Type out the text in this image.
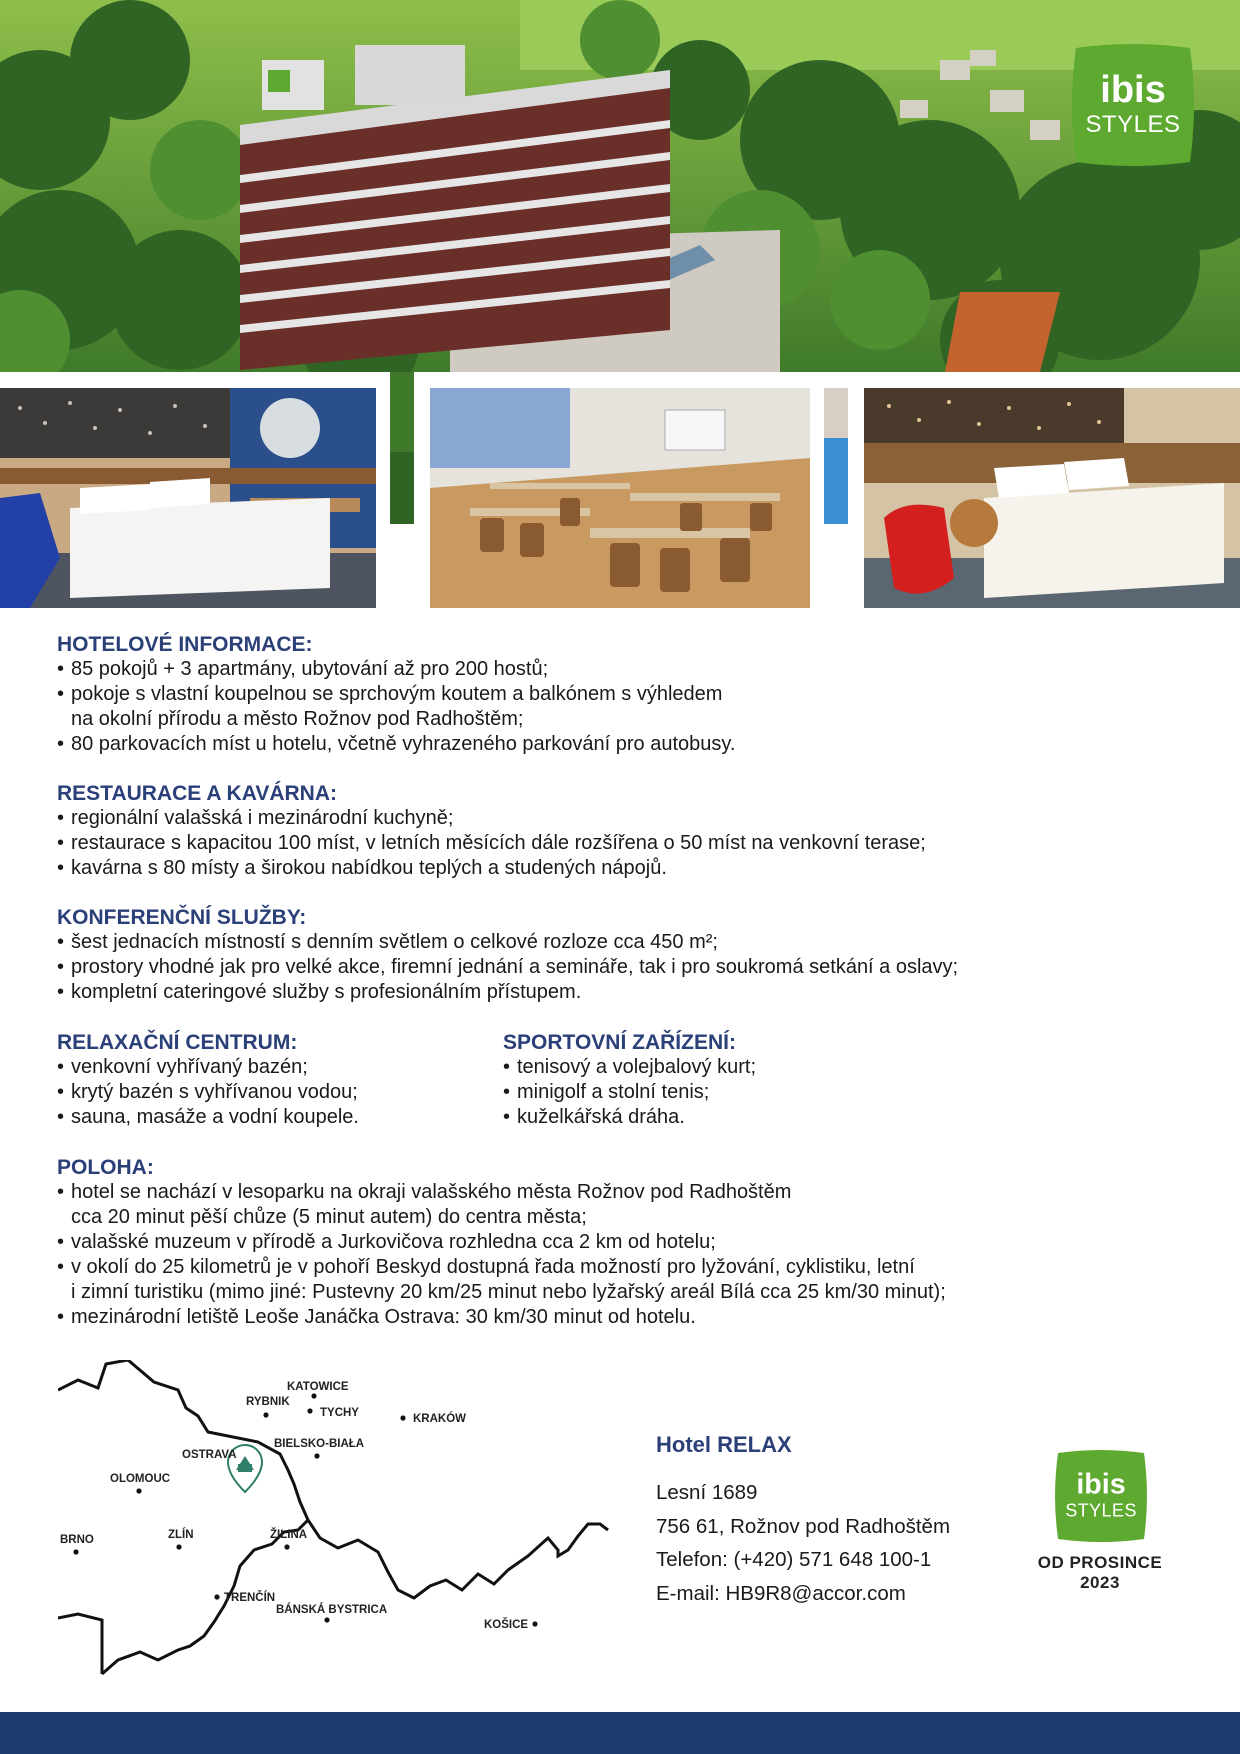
ibis
STYLES
HOTELOVÉ INFORMACE:
• 85 pokojů + 3 apartmány, ubytování až pro 200 hostů;
• pokoje s vlastní koupelnou se sprchovým koutem a balkónem s výhledem
na okolní přírodu a město Rožnov pod Radhoštěm;
• 80 parkovacích míst u hotelu, včetně vyhrazeného parkování pro autobusy.
RESTAURACE A KAVÁRNA:
• regionální valašská i mezinárodní kuchyně;
• restaurace s kapacitou 100 míst, v letních měsících dále rozšířena o 50 míst na venkovní terase;
• kavárna s 80 místy a širokou nabídkou teplých a studených nápojů.
KONFERENČNÍ SLUŽBY:
• šest jednacích místností s denním světlem o celkové rozloze cca 450 m²;
• prostory vhodné jak pro velké akce, firemní jednání a semináře, tak i pro soukromá setkání a oslavy;
• kompletní cateringové služby s profesionálním přístupem.
RELAXAČNÍ CENTRUM:
• venkovní vyhřívaný bazén;
• krytý bazén s vyhřívanou vodou;
• sauna, masáže a vodní koupele.
SPORTOVNÍ ZAŘÍZENÍ:
• tenisový a volejbalový kurt;
• minigolf a stolní tenis;
• kuželkářská dráha.
POLOHA:
• hotel se nachází v lesoparku na okraji valašského města Rožnov pod Radhoštěm
cca 20 minut pěší chůze (5 minut autem) do centra města;
• valašské muzeum v přírodě a Jurkovičova rozhledna cca 2 km od hotelu;
• v okolí do 25 kilometrů je v pohoří Beskyd dostupná řada možností pro lyžování, cyklistiku, letní
i zimní turistiku (mimo jiné: Pustevny 20 km/25 minut nebo lyžařský areál Bílá cca 25 km/30 minut);
• mezinárodní letiště Leoše Janáčka Ostrava: 30 km/30 minut od hotelu.
KATOWICE
RYBNIK
TYCHY	KRAKÓW
BIELSKO-BIAŁA
OSTRAVA
OLOMOUC
BRNO	ZLÍN	ŽILINA
TRENČÍN
BÁNSKÁ BYSTRICA
KOŠICE
Hotel RELAX
Lesní 1689
756 61, Rožnov pod Radhoštěm
Telefon: (+420) 571 648 100-1
E-mail: HB9R8@accor.com
ibis
STYLES
OD PROSINCE
2023
